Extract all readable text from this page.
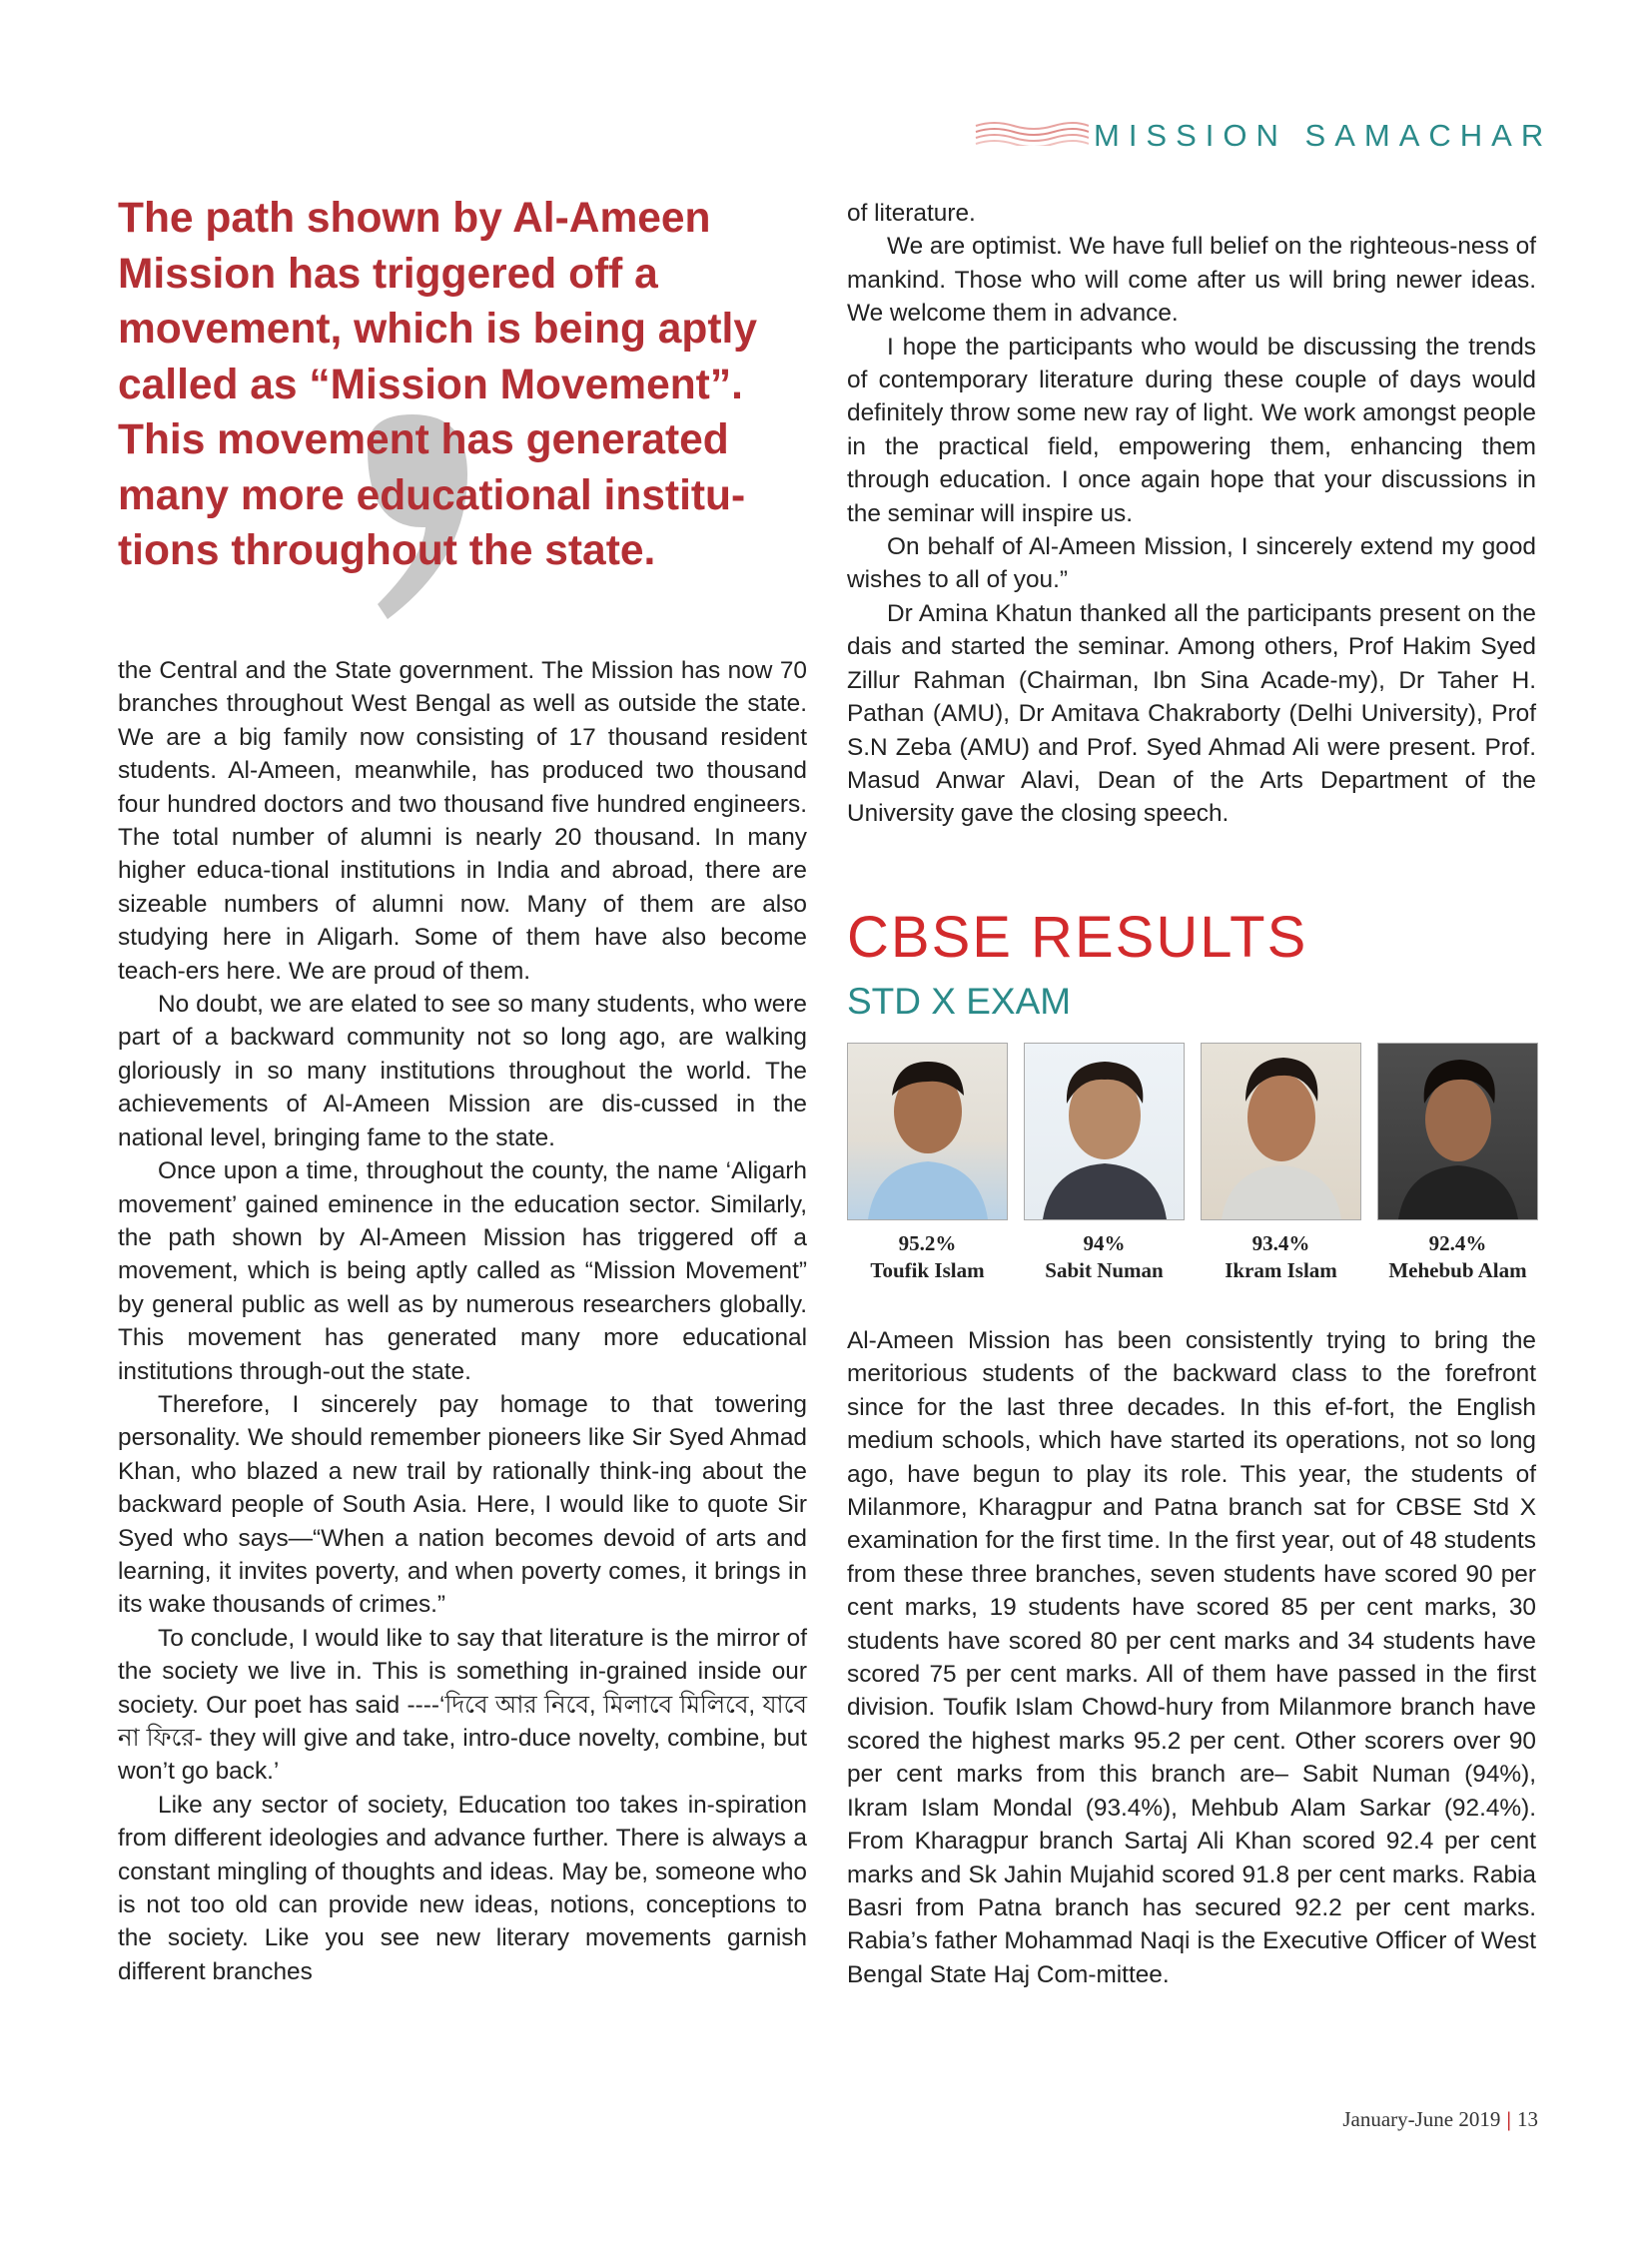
MISSION SAMACHAR
The path shown by Al-Ameen
Mission has triggered off a
movement, which is being aptly
called as “Mission Movement”.
This movement has generated
many more educational institu-
tions throughout the state.

the Central and the State government. The Mission has now 70 branches throughout West Bengal as well as outside the state. We are a big family now consisting of 17 thousand resident students. Al-Ameen, meanwhile, has produced two thousand four hundred doctors and two thousand five hundred engineers. The total number of alumni is nearly 20 thousand. In many higher educa-tional institutions in India and abroad, there are sizeable numbers of alumni now. Many of them are also studying here in Aligarh. Some of them have also become teach-ers here. We are proud of them.

No doubt, we are elated to see so many students, who were part of a backward community not so long ago, are walking gloriously in so many institutions throughout the world. The achievements of Al-Ameen Mission are dis-cussed in the national level, bringing fame to the state.

Once upon a time, throughout the county, the name ‘Aligarh movement’ gained eminence in the education sector. Similarly, the path shown by Al-Ameen Mission has triggered off a movement, which is being aptly called as “Mission Movement” by general public as well as by numerous researchers globally. This movement has generated many more educational institutions through-out the state.

Therefore, I sincerely pay homage to that towering personality. We should remember pioneers like Sir Syed Ahmad Khan, who blazed a new trail by rationally think-ing about the backward people of South Asia. Here, I would like to quote Sir Syed who says—“When a nation becomes devoid of arts and learning, it invites poverty, and when poverty comes, it brings in its wake thousands of crimes.”

To conclude, I would like to say that literature is the mirror of the society we live in. This is something in-grained inside our society. Our poet has said ----‘দিবে আর নিবে, মিলাবে মিলিবে, যাবে না ফিরে- they will give and take, intro-duce novelty, combine, but won’t go back.’

Like any sector of society, Education too takes in-spiration from different ideologies and advance further. There is always a constant mingling of thoughts and ideas. May be, someone who is not too old can provide new ideas, notions, conceptions to the society. Like you see new literary movements garnish different branches

of literature.

We are optimist. We have full belief on the righteous-ness of mankind. Those who will come after us will bring newer ideas. We welcome them in advance.

I hope the participants who would be discussing the trends of contemporary literature during these couple of days would definitely throw some new ray of light. We work amongst people in the practical field, empowering them, enhancing them through education. I once again hope that your discussions in the seminar will inspire us.

On behalf of Al-Ameen Mission, I sincerely extend my good wishes to all of you.”

Dr Amina Khatun thanked all the participants present on the dais and started the seminar. Among others, Prof Hakim Syed Zillur Rahman (Chairman, Ibn Sina Acade-my), Dr Taher H. Pathan (AMU), Dr Amitava Chakraborty (Delhi University), Prof S.N Zeba (AMU) and Prof. Syed Ahmad Ali were present. Prof. Masud Anwar Alavi, Dean of the Arts Department of the University gave the closing speech.

CBSE RESULTS
STD X EXAM
95.2%
Toufik Islam
94%
Sabit Numan
93.4%
Ikram Islam
92.4%
Mehebub Alam

Al-Ameen Mission has been consistently trying to bring the meritorious students of the backward class to the forefront since for the last three decades. In this ef-fort, the English medium schools, which have started its operations, not so long ago, have begun to play its role. This year, the students of Milanmore, Kharagpur and Patna branch sat for CBSE Std X examination for the first time. In the first year, out of 48 students from these three branches, seven students have scored 90 per cent marks, 19 students have scored 85 per cent marks, 30 students have scored 80 per cent marks and 34 students have scored 75 per cent marks. All of them have passed in the first division. Toufik Islam Chowd-hury from Milanmore branch have scored the highest marks 95.2 per cent. Other scorers over 90 per cent marks from this branch are– Sabit Numan (94%), Ikram Islam Mondal (93.4%), Mehbub Alam Sarkar (92.4%). From Kharagpur branch Sartaj Ali Khan scored 92.4 per cent marks and Sk Jahin Mujahid scored 91.8 per cent marks. Rabia Basri from Patna branch has secured 92.2 per cent marks. Rabia’s father Mohammad Naqi is the Executive Officer of West Bengal State Haj Com-mittee.

January-June 2019 | 13
